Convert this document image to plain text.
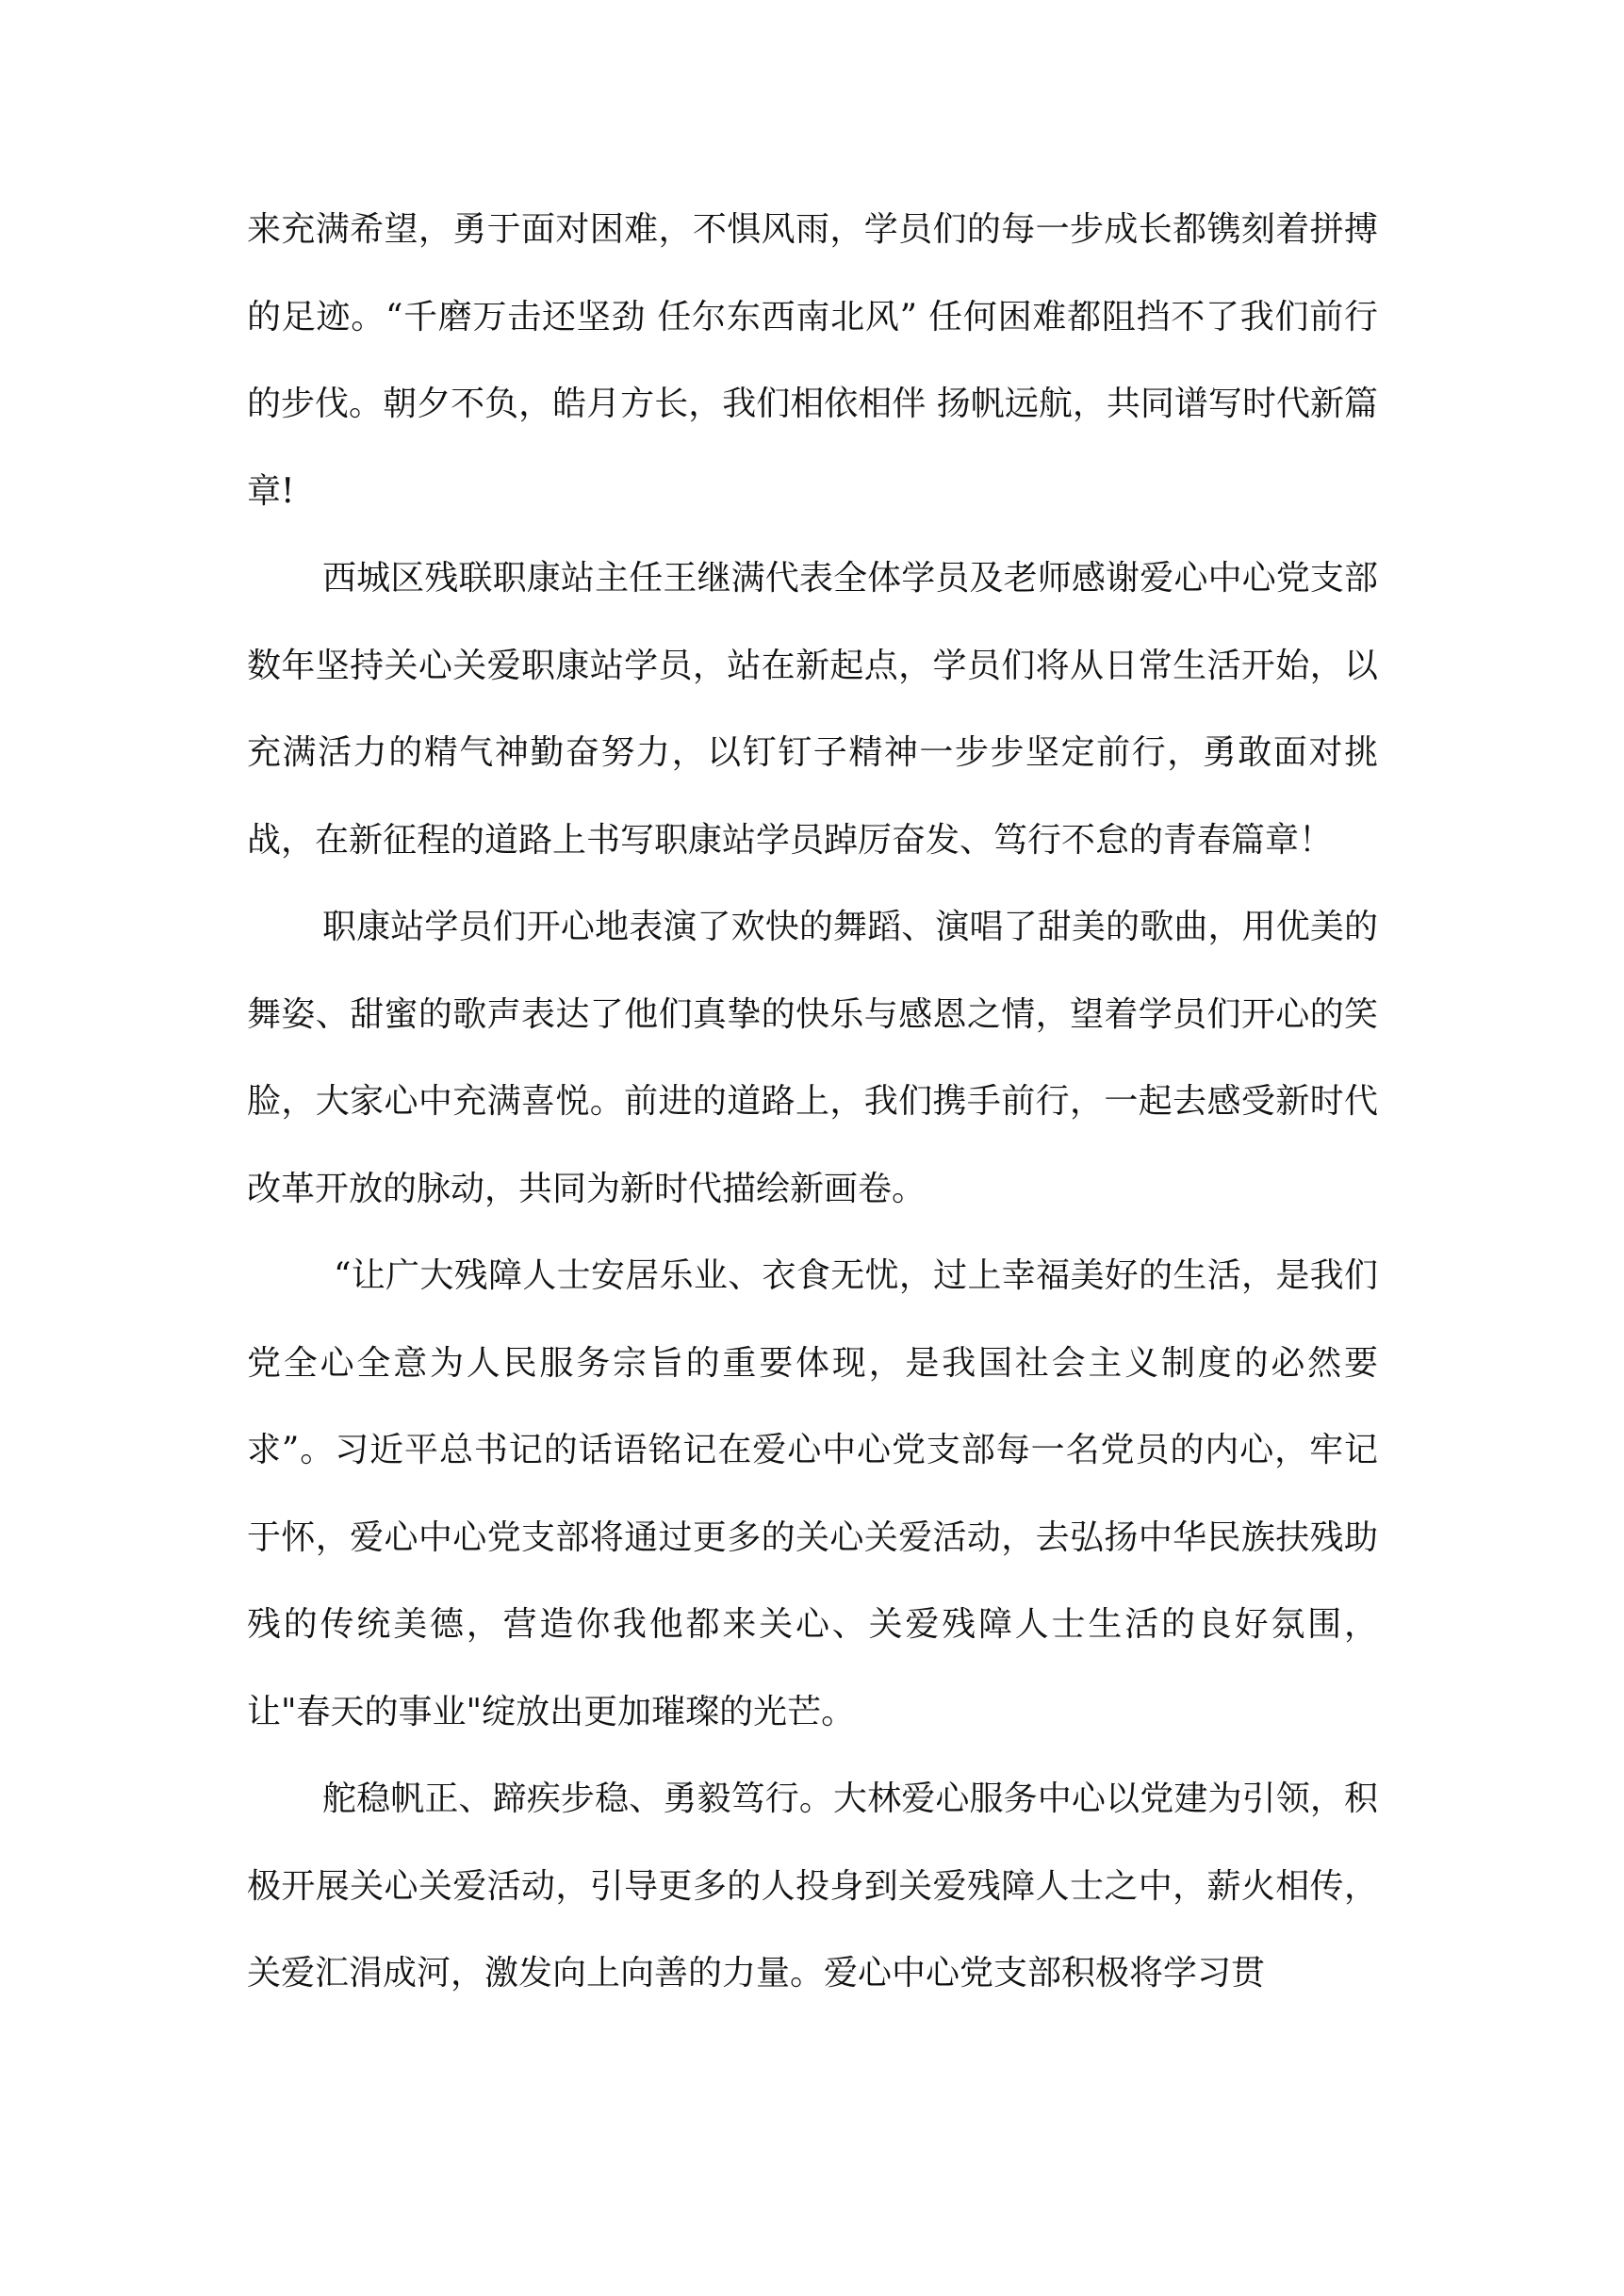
来充满希望，勇于面对困难，不惧风雨，学员们的每一步成长都镌刻着拼搏的足迹。“千磨万击还坚劲 任尔东西南北风” 任何困难都阻挡不了我们前行的步伐。朝夕不负，皓月方长，我们相依相伴 扬帆远航，共同谱写时代新篇章!

西城区残联职康站主任王继满代表全体学员及老师感谢爱心中心党支部数年坚持关心关爱职康站学员，站在新起点，学员们将从日常生活开始，以充满活力的精气神勤奋努力，以钉钉子精神一步步坚定前行，勇敢面对挑战，在新征程的道路上书写职康站学员踔厉奋发、笃行不怠的青春篇章！

职康站学员们开心地表演了欢快的舞蹈、演唱了甜美的歌曲，用优美的舞姿、甜蜜的歌声表达了他们真挚的快乐与感恩之情，望着学员们开心的笑脸，大家心中充满喜悦。前进的道路上，我们携手前行，一起去感受新时代改革开放的脉动，共同为新时代描绘新画卷。

“让广大残障人士安居乐业、衣食无忧，过上幸福美好的生活，是我们党全心全意为人民服务宗旨的重要体现，是我国社会主义制度的必然要求”。习近平总书记的话语铭记在爱心中心党支部每一名党员的内心，牢记于怀，爱心中心党支部将通过更多的关心关爱活动，去弘扬中华民族扶残助残的传统美德，营造你我他都来关心、关爱残障人士生活的良好氛围，让"春天的事业"绽放出更加璀璨的光芒。

舵稳帆正、蹄疾步稳、勇毅笃行。大林爱心服务中心以党建为引领，积极开展关心关爱活动，引导更多的人投身到关爱残障人士之中，薪火相传，关爱汇涓成河，激发向上向善的力量。爱心中心党支部积极将学习贯
